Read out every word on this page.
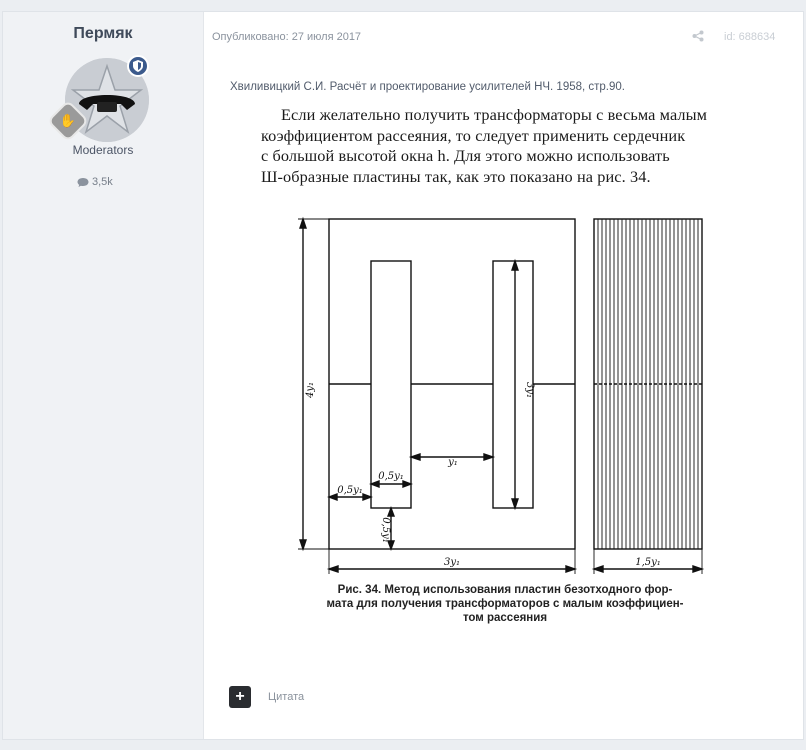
Пермяк
✋
Moderators
3,5k
Опубликовано: 27 июля 2017	id: 688634
Хвиливицкий С.И. Расчёт и проектирование усилителей НЧ. 1958, стр.90.
Если желательно получить трансформаторы с весьма малым
коэффициентом рассеяния, то следует применить сердечник
с большой высотой окна h. Для этого можно использовать
Ш-образные пластины так, как это показано на рис. 34.
4y₁	3y₁
y₁
0,5y₁
0,5y₁
0,5y₁
3y₁	1,5y₁
Рис. 34. Метод использования пластин безотходного фор-
мата для получения трансформаторов с малым коэффициен-
том рассеяния
+	Цитата
